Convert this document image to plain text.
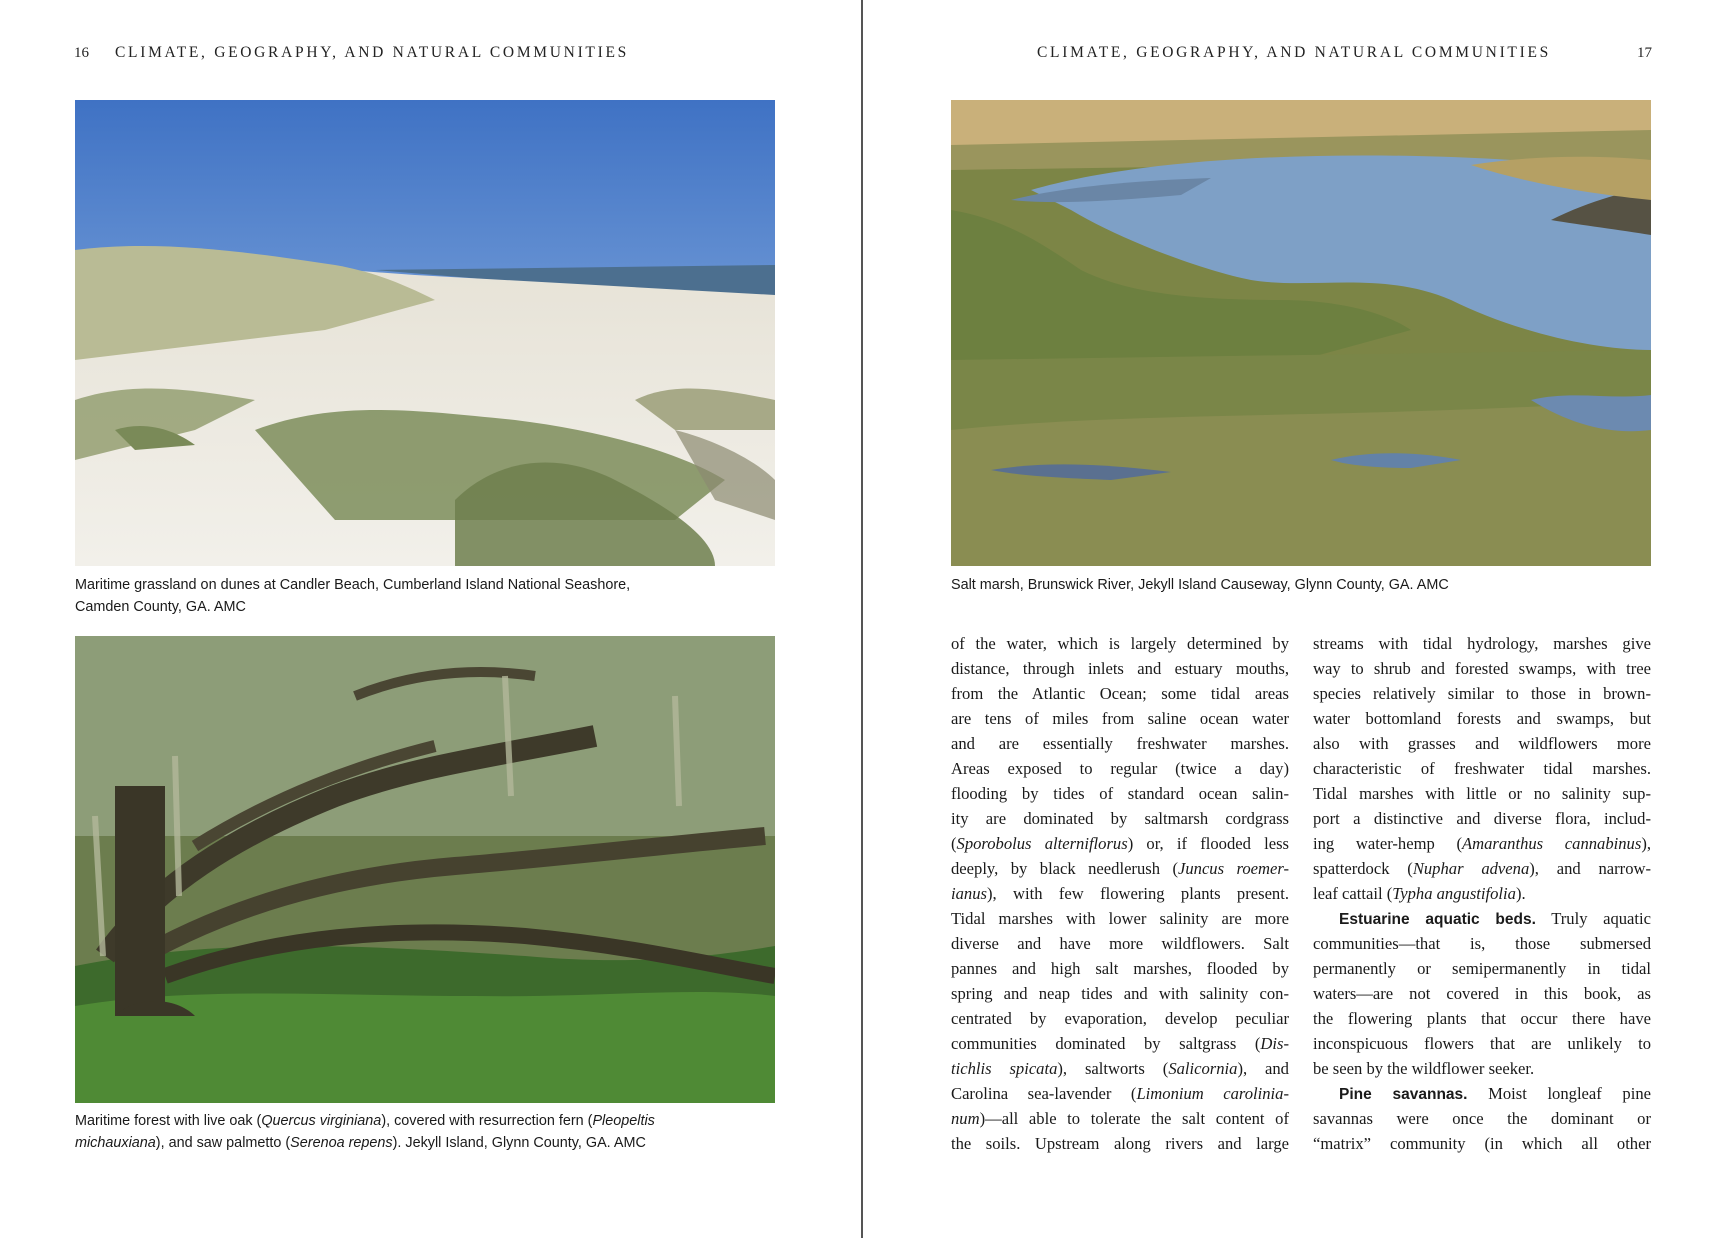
16 CLIMATE, GEOGRAPHY, AND NATURAL COMMUNITIES
Maritime grassland on dunes at Candler Beach, Cumberland Island National Seashore,
Camden County, GA. AMC
Maritime forest with live oak (Quercus virginiana), covered with resurrection fern (Pleopeltis
michauxiana), and saw palmetto (Serenoa repens). Jekyll Island, Glynn County, GA. AMC
CLIMATE, GEOGRAPHY, AND NATURAL COMMUNITIES	17
Salt marsh, Brunswick River, Jekyll Island Causeway, Glynn County, GA. AMC
of the water, which is largely determined by
distance, through inlets and estuary mouths,
from the Atlantic Ocean; some tidal areas
are tens of miles from saline ocean water
and are essentially freshwater marshes.
Areas exposed to regular (twice a day)
flooding by tides of standard ocean salin-
ity are dominated by saltmarsh cordgrass
(Sporobolus alterniflorus) or, if flooded less
deeply, by black needlerush (Juncus roemer-
ianus), with few flowering plants present.
Tidal marshes with lower salinity are more
diverse and have more wildflowers. Salt
pannes and high salt marshes, flooded by
spring and neap tides and with salinity con-
centrated by evaporation, develop peculiar
communities dominated by saltgrass (Dis-
tichlis spicata), saltworts (Salicornia), and
Carolina sea-lavender (Limonium carolinia-
num)—all able to tolerate the salt content of
the soils. Upstream along rivers and large
streams with tidal hydrology, marshes give
way to shrub and forested swamps, with tree
species relatively similar to those in brown-
water bottomland forests and swamps, but
also with grasses and wildflowers more
characteristic of freshwater tidal marshes.
Tidal marshes with little or no salinity sup-
port a distinctive and diverse flora, includ-
ing water-hemp (Amaranthus cannabinus),
spatterdock (Nuphar advena), and narrow-
leaf cattail (Typha angustifolia).
Estuarine aquatic beds. Truly aquatic
communities—that is, those submersed
permanently or semipermanently in tidal
waters—are not covered in this book, as
the flowering plants that occur there have
inconspicuous flowers that are unlikely to
be seen by the wildflower seeker.
Pine savannas. Moist longleaf pine
savannas were once the dominant or
“matrix” community (in which all other
